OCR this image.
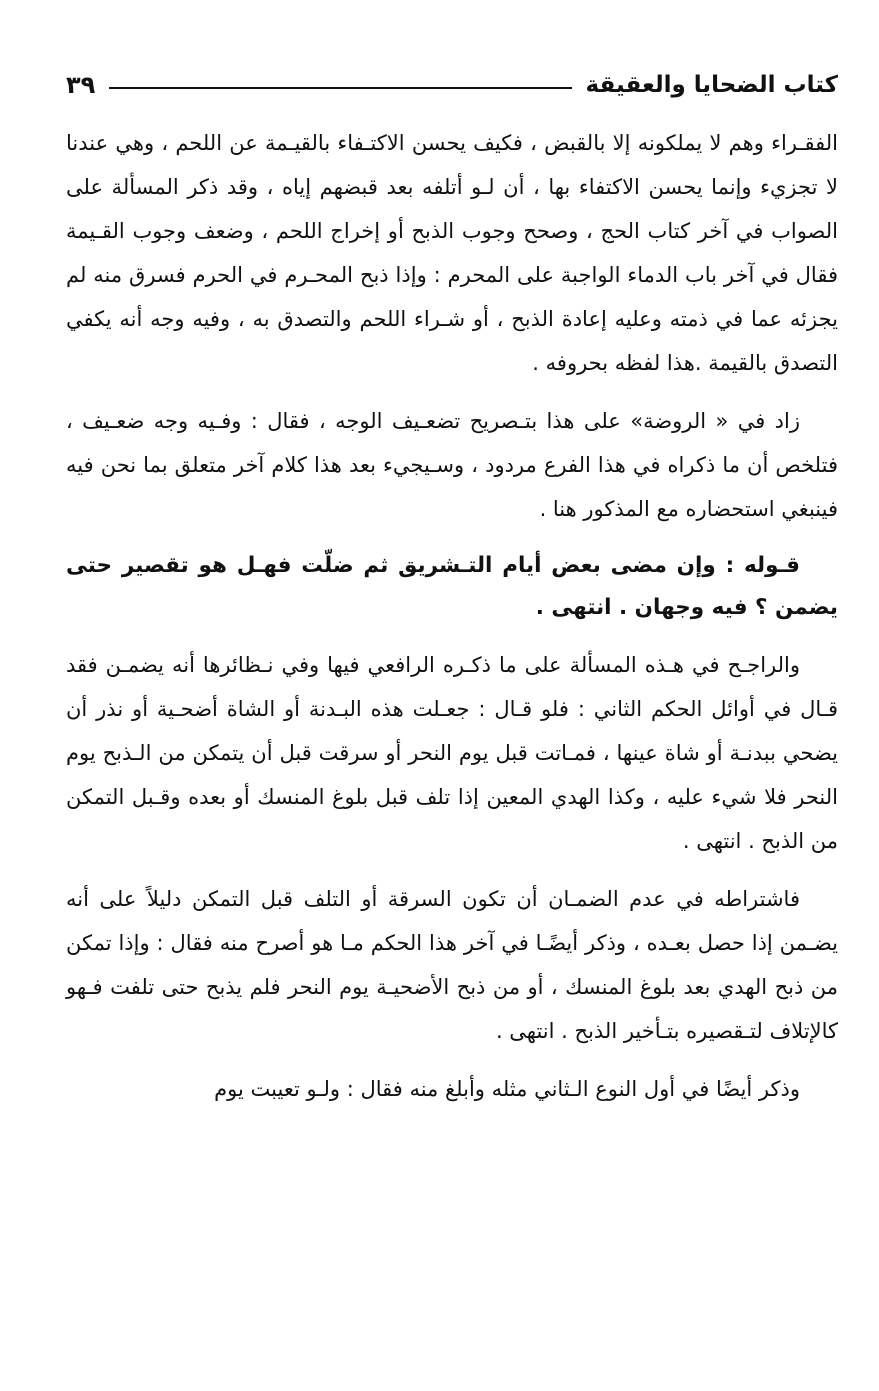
كتاب الضحايا والعقيقة
٣٩

الفقـراء وهم لا يملكونه إلا بالقبض ، فكيف يحسن الاكتـفاء بالقيـمة عن اللحم ، وهي عندنا لا تجزيء وإنما يحسن الاكتفاء بها ، أن لـو أتلفه بعد قبضهم إياه ، وقد ذكر المسألة على الصواب في آخر كتاب الحج ، وصحح وجوب الذبح أو إخراج اللحم ، وضعف وجوب القـيمة فقال في آخر باب الدماء الواجبة على المحرم : وإذا ذبح المحـرم في الحرم فسرق منه لم يجزئه عما في ذمته وعليه إعادة الذبح ، أو شـراء اللحم والتصدق به ، وفيه وجه أنه يكفي التصدق بالقيمة .هذا لفظه بحروفه .

زاد في « الروضة» على هذا بتـصريح تضعـيف الوجه ، فقال : وفـيه وجه ضعـيف ، فتلخص أن ما ذكراه في هذا الفرع مردود ، وسـيجيء بعد هذا كلام آخر متعلق بما نحن فيه فينبغي استحضاره مع المذكور هنا .

قـوله : وإن مضى بعض أيام التـشريق ثم ضلّت فهـل هو تقصير حتى يضمن ؟ فيه وجهان . انتهى .

والراجـح في هـذه المسألة على ما ذكـره الرافعي فيها وفي نـظائرها أنه يضمـن فقد قـال في أوائل الحكم الثاني : فلو قـال : جعـلت هذه البـدنة أو الشاة أضحـية أو نذر أن يضحي ببدنـة أو شاة عينها ، فمـاتت قبل يوم النحر أو سرقت قبل أن يتمكن من الـذبح يوم النحر فلا شيء عليه ، وكذا الهدي المعين إذا تلف قبل بلوغ المنسك أو بعده وقـبل التمكن من الذبح . انتهى .

فاشتراطه في عدم الضمـان أن تكون السرقة أو التلف قبل التمكن دليلاً على أنه يضـمن إذا حصل بعـده ، وذكر أيضًـا في آخر هذا الحكم مـا هو أصرح منه فقال : وإذا تمكن من ذبح الهدي بعد بلوغ المنسك ، أو من ذبح الأضحيـة يوم النحر فلم يذبح حتى تلفت فـهو كالإتلاف لتـقصيره بتـأخير الذبح . انتهى .

وذكر أيضًا في أول النوع الـثاني مثله وأبلغ منه فقال : ولـو تعيبت يوم
